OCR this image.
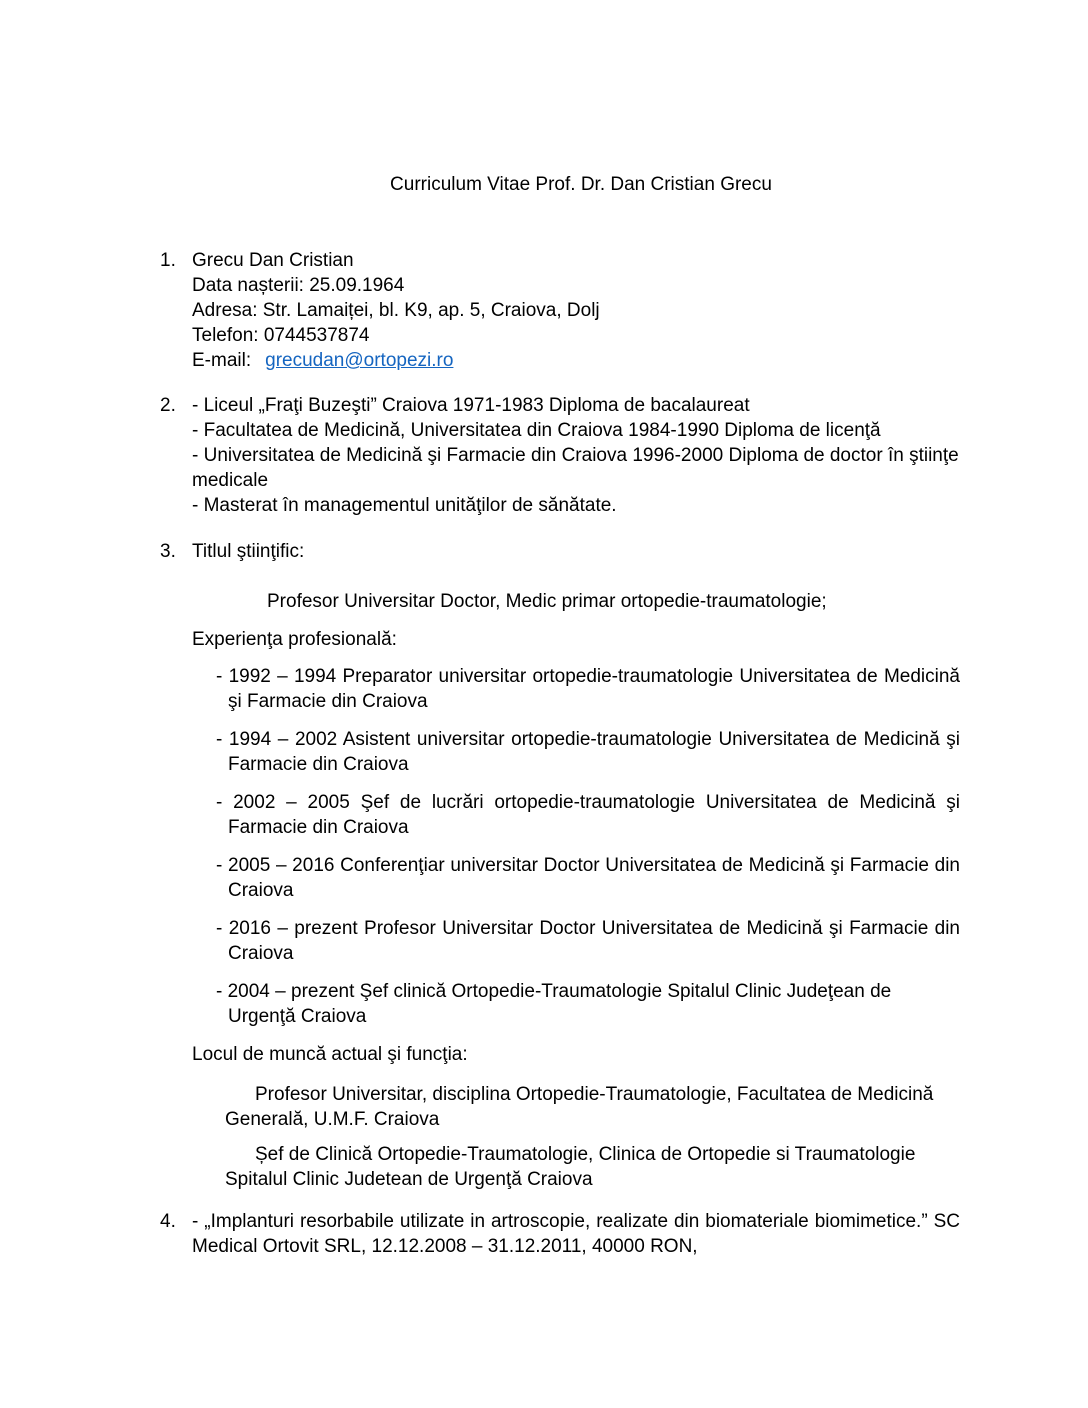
Curriculum Vitae Prof. Dr. Dan Cristian Grecu

1. Grecu Dan Cristian

Data nașterii: 25.09.1964

Adresa: Str. Lamaiței, bl. K9, ap. 5, Craiova, Dolj

Telefon: 0744537874

E-mail: grecudan@ortopezi.ro

2. - Liceul „Fraţi Buzeşti” Craiova 1971-1983 Diploma de bacalaureat

- Facultatea de Medicină, Universitatea din Craiova 1984-1990 Diploma de licenţă

- Universitatea de Medicină şi Farmacie din Craiova 1996-2000 Diploma de doctor în ştiinţe medicale

- Masterat în managementul unităţilor de sănătate.

3. Titlul ştiinţific:

Profesor Universitar Doctor, Medic primar ortopedie-traumatologie;

Experienţa profesională:

- 1992 – 1994 Preparator universitar ortopedie-traumatologie Universitatea de Medicină şi Farmacie din Craiova

- 1994 – 2002 Asistent universitar ortopedie-traumatologie Universitatea de Medicină şi Farmacie din Craiova

- 2002 – 2005 Şef de lucrări ortopedie-traumatologie Universitatea de Medicină şi Farmacie din Craiova

- 2005 – 2016 Conferenţiar universitar Doctor Universitatea de Medicină şi Farmacie din Craiova

- 2016 – prezent Profesor Universitar Doctor Universitatea de Medicină şi Farmacie din Craiova

- 2004 – prezent Şef clinică Ortopedie-Traumatologie Spitalul Clinic Judeţean de Urgenţă Craiova

Locul de muncă actual şi funcţia:

Profesor Universitar, disciplina Ortopedie-Traumatologie, Facultatea de Medicină Generală, U.M.F. Craiova

Șef de Clinică Ortopedie-Traumatologie, Clinica de Ortopedie si Traumatologie Spitalul Clinic Judetean de Urgenţă Craiova

4. - „Implanturi resorbabile utilizate in artroscopie, realizate din biomateriale biomimetice.” SC Medical Ortovit SRL, 12.12.2008 – 31.12.2011, 40000 RON,
